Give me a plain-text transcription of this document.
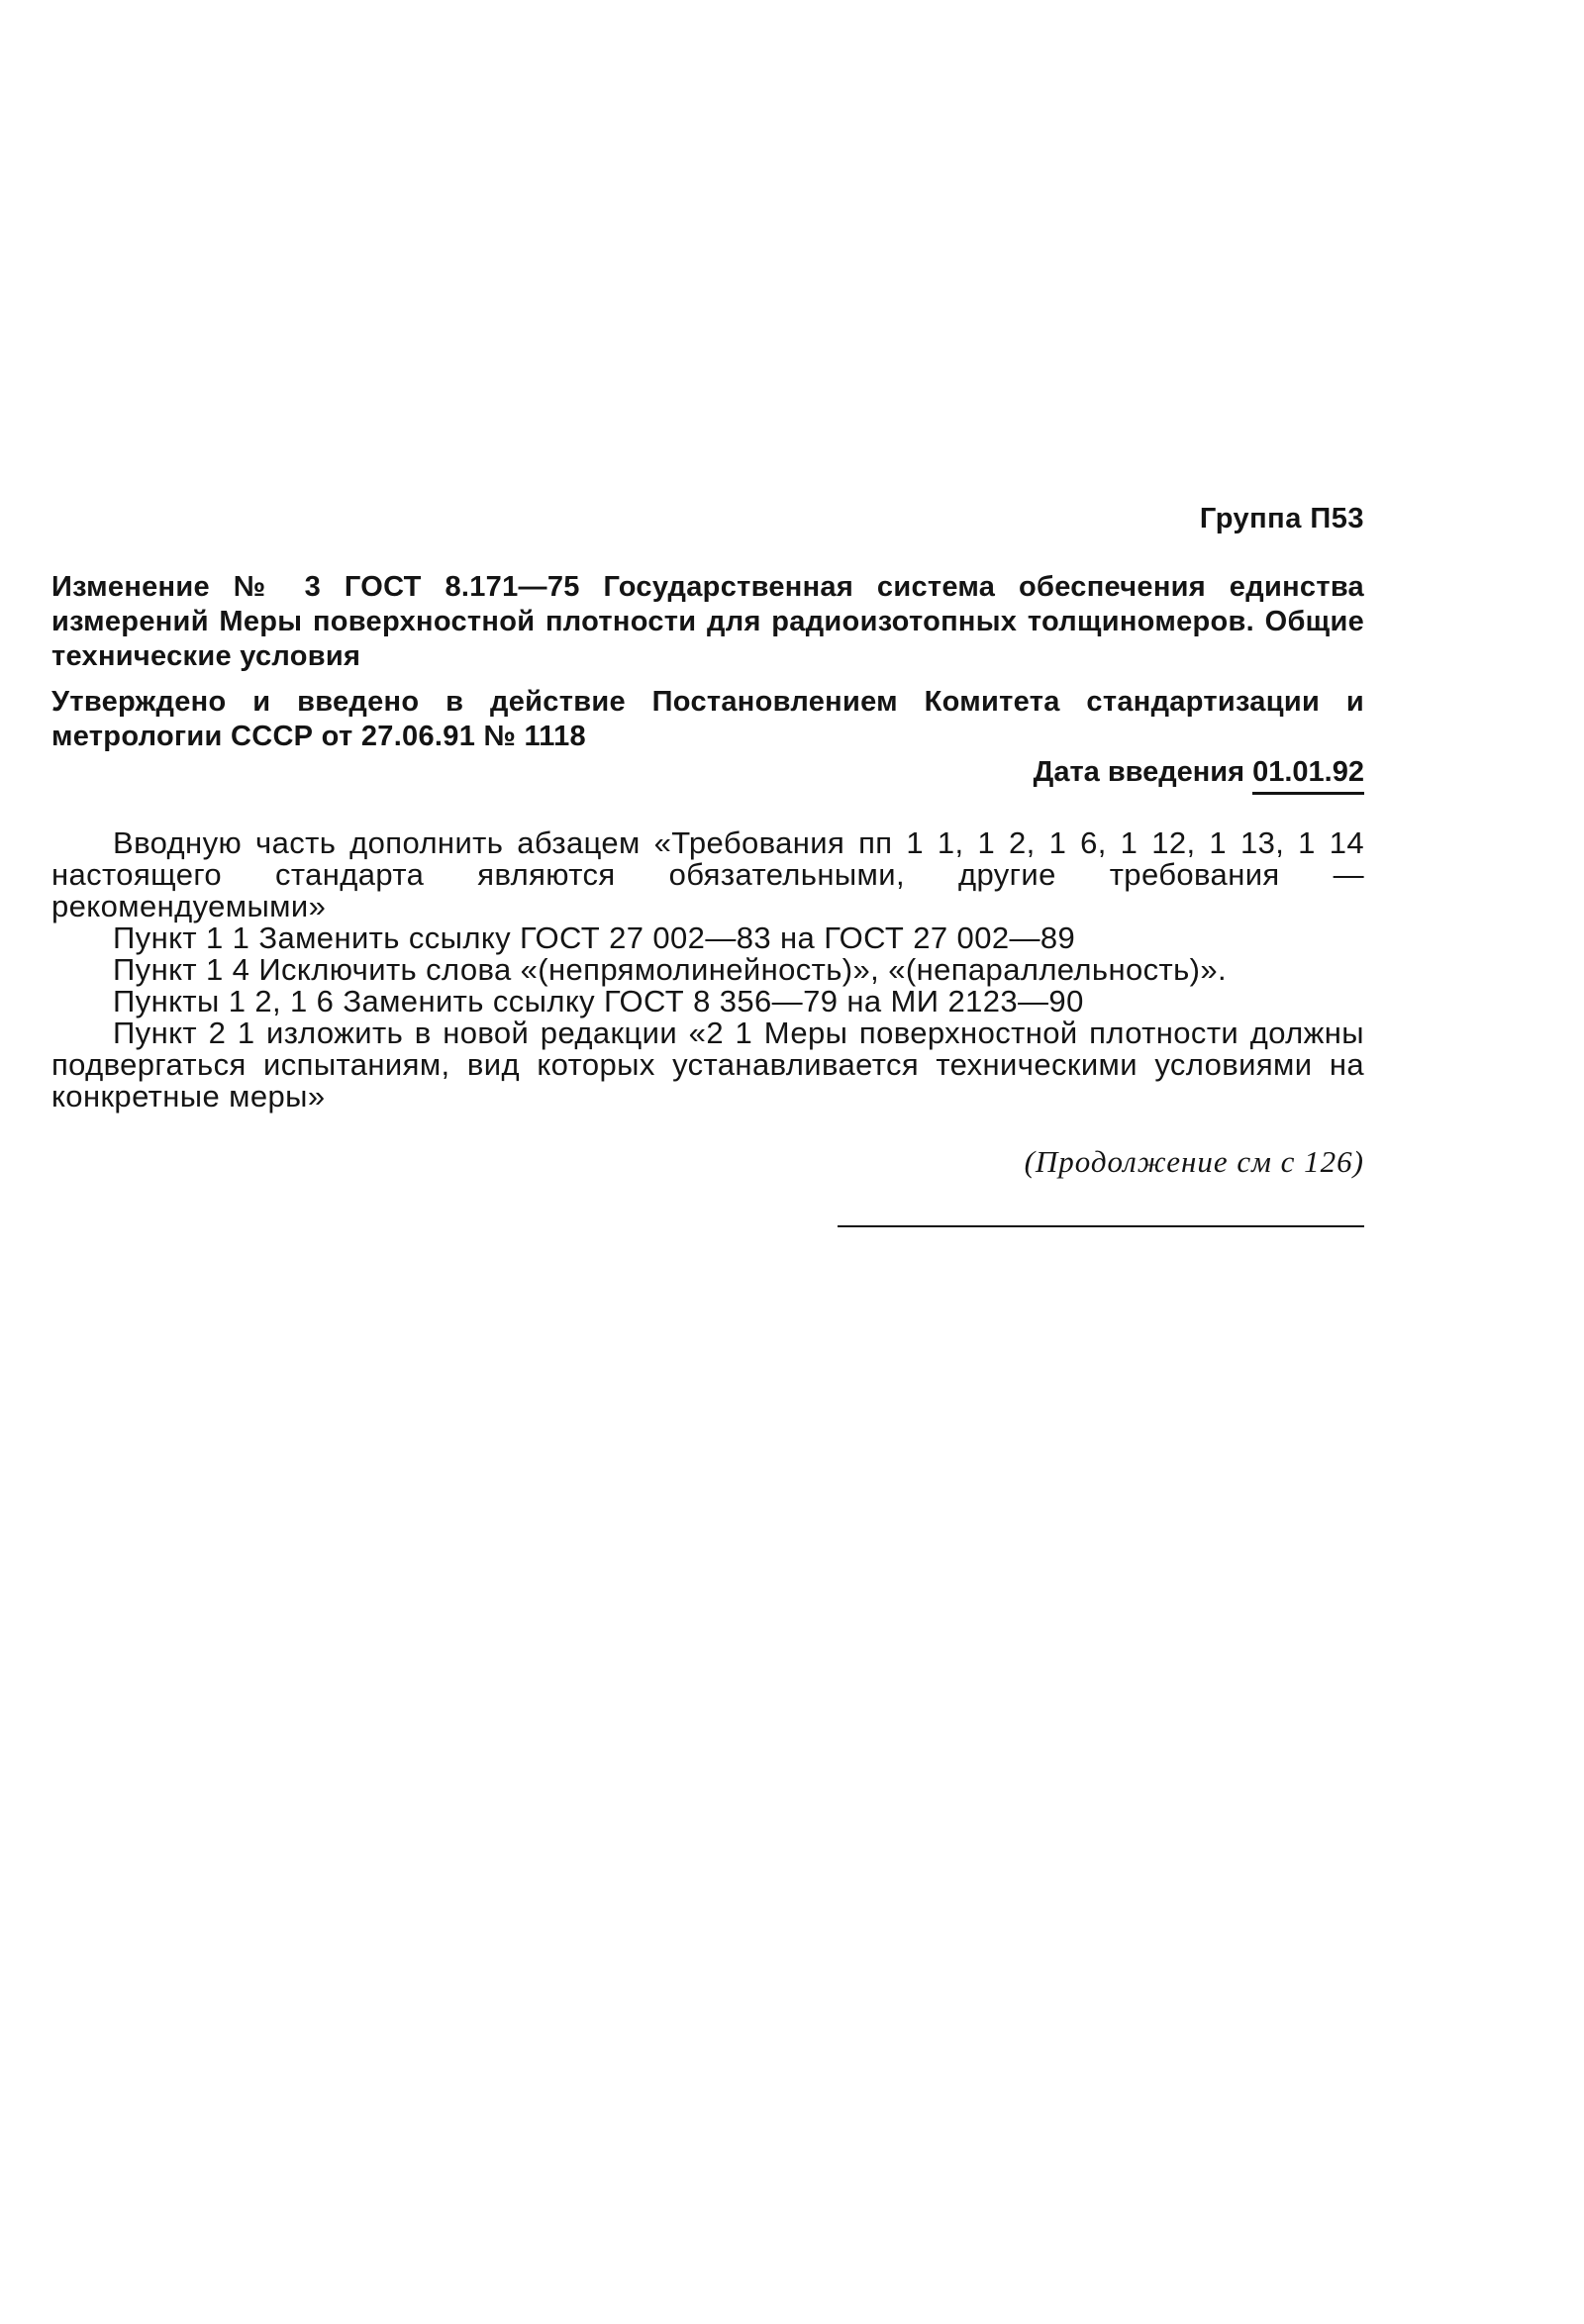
Группа П53
Изменение № 3 ГОСТ 8.171—75 Государственная система обеспечения единства измерений Меры поверхностной плотности для радиоизотопных толщиномеров. Общие технические условия
Утверждено и введено в действие Постановлением Комитета стандартизации и метрологии СССР от 27.06.91 № 1118
Дата введения 01.01.92

Вводную часть дополнить абзацем «Требования пп 1 1, 1 2, 1 6, 1 12, 1 13, 1 14 настоящего стандарта являются обязательными, другие требования — рекомендуемыми»

Пункт 1 1 Заменить ссылку ГОСТ 27 002—83 на ГОСТ 27 002—89

Пункт 1 4 Исключить слова «(непрямолинейность)», «(непараллельность)».

Пункты 1 2, 1 6 Заменить ссылку ГОСТ 8 356—79 на МИ 2123—90

Пункт 2 1 изложить в новой редакции «2 1 Меры поверхностной плотности должны подвергаться испытаниям, вид которых устанавливается техническими условиями на конкретные меры»

(Продолжение см с 126)
